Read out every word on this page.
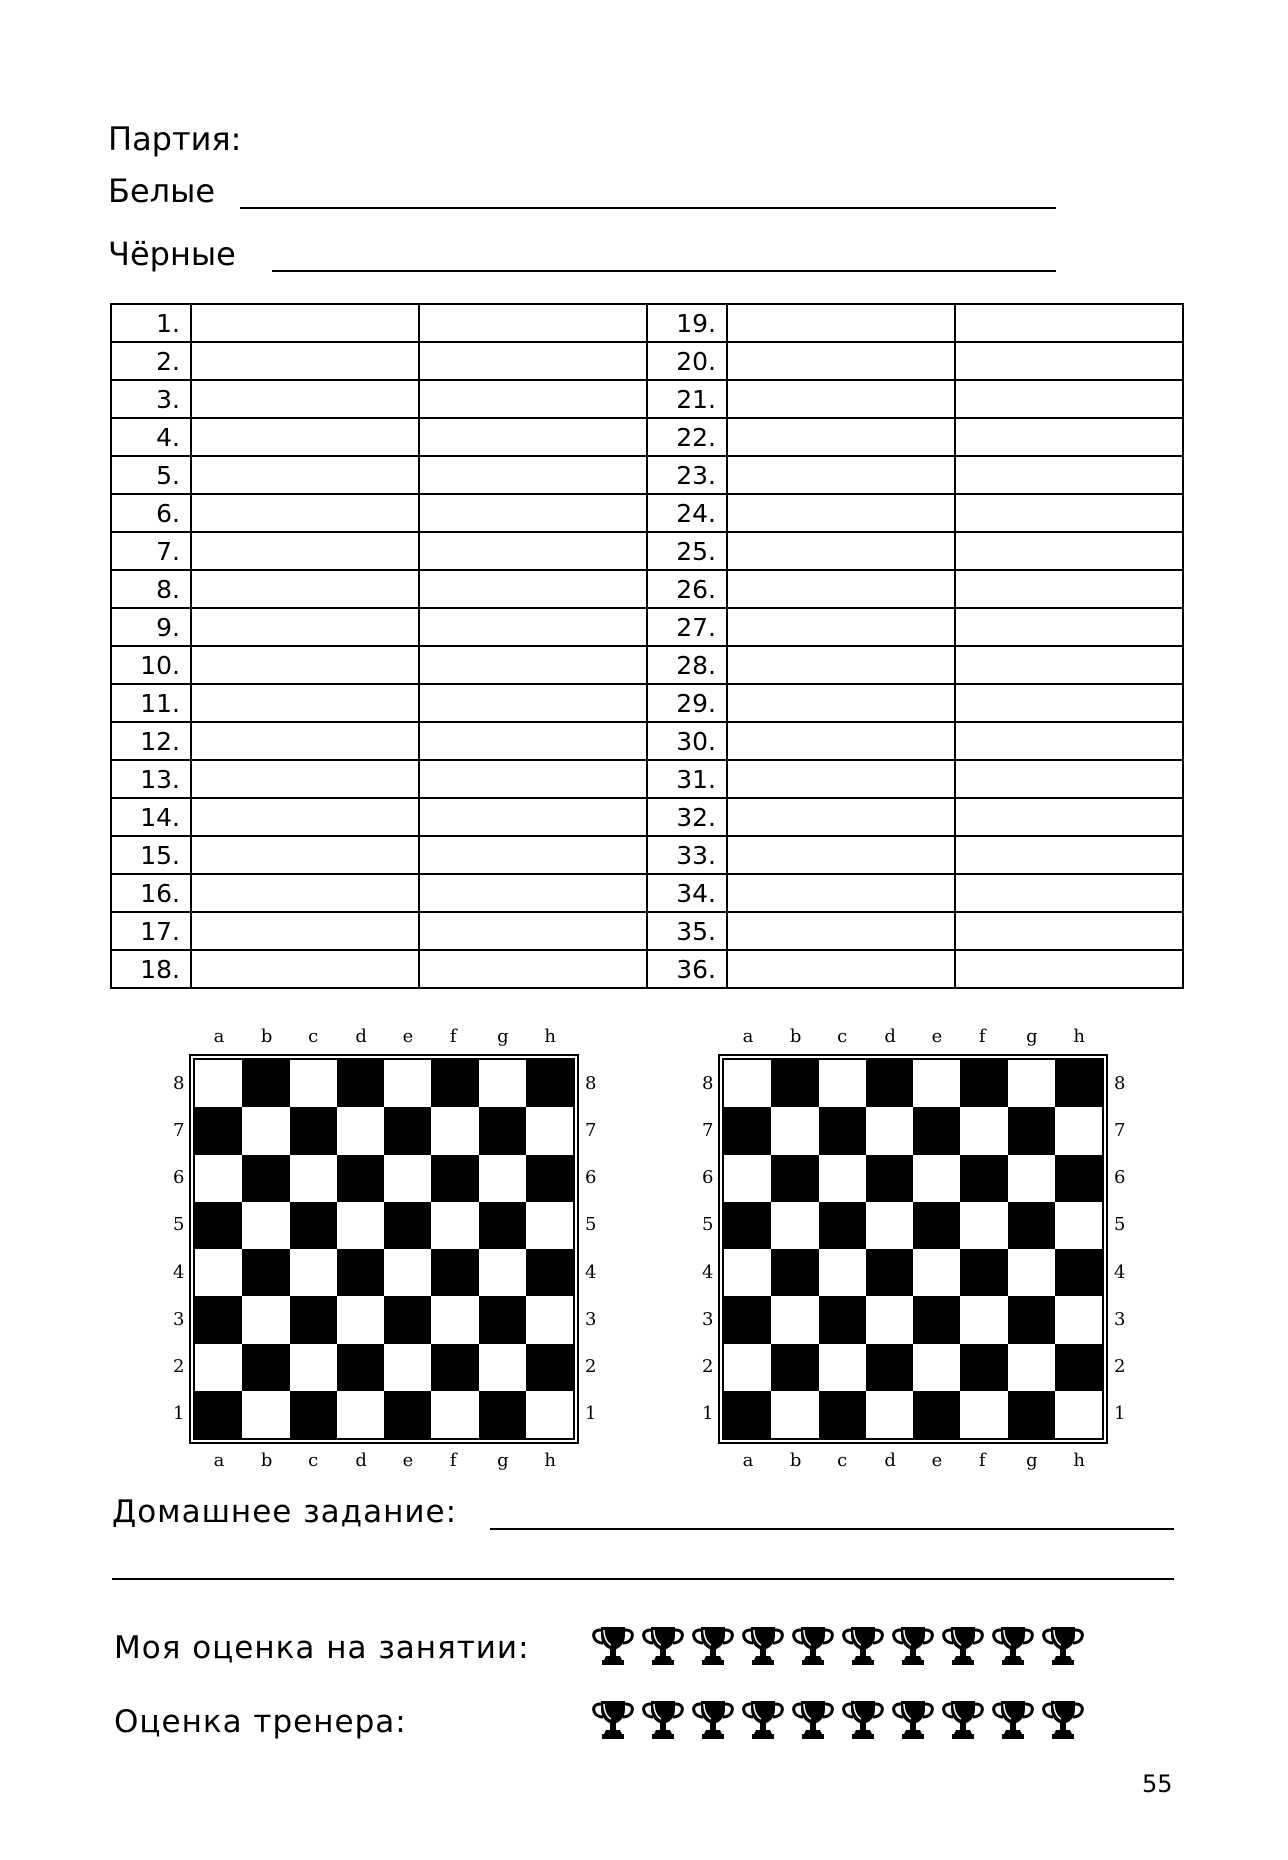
Партия:
Белые
Чёрные
1.			19.		
2.			20.		
3.			21.		
4.			22.		
5.			23.		
6.			24.		
7.			25.		
8.			26.		
9.			27.		
10.			28.		
11.			29.		
12.			30.		
13.			31.		
14.			32.		
15.			33.		
16.			34.		
17.			35.		
18.			36.		
a
a
b
b
c
c
d
d
e
e
f
f
g
g
h
h
8	8
7	7
6	6
5	5
4	4
3	3
2	2
1	1
a
a
b
b
c
c
d
d
e
e
f
f
g
g
h
h
8	8
7	7
6	6
5	5
4	4
3	3
2	2
1	1
Домашнее задание:
Моя оценка на занятии:
Оценка тренера:
55
